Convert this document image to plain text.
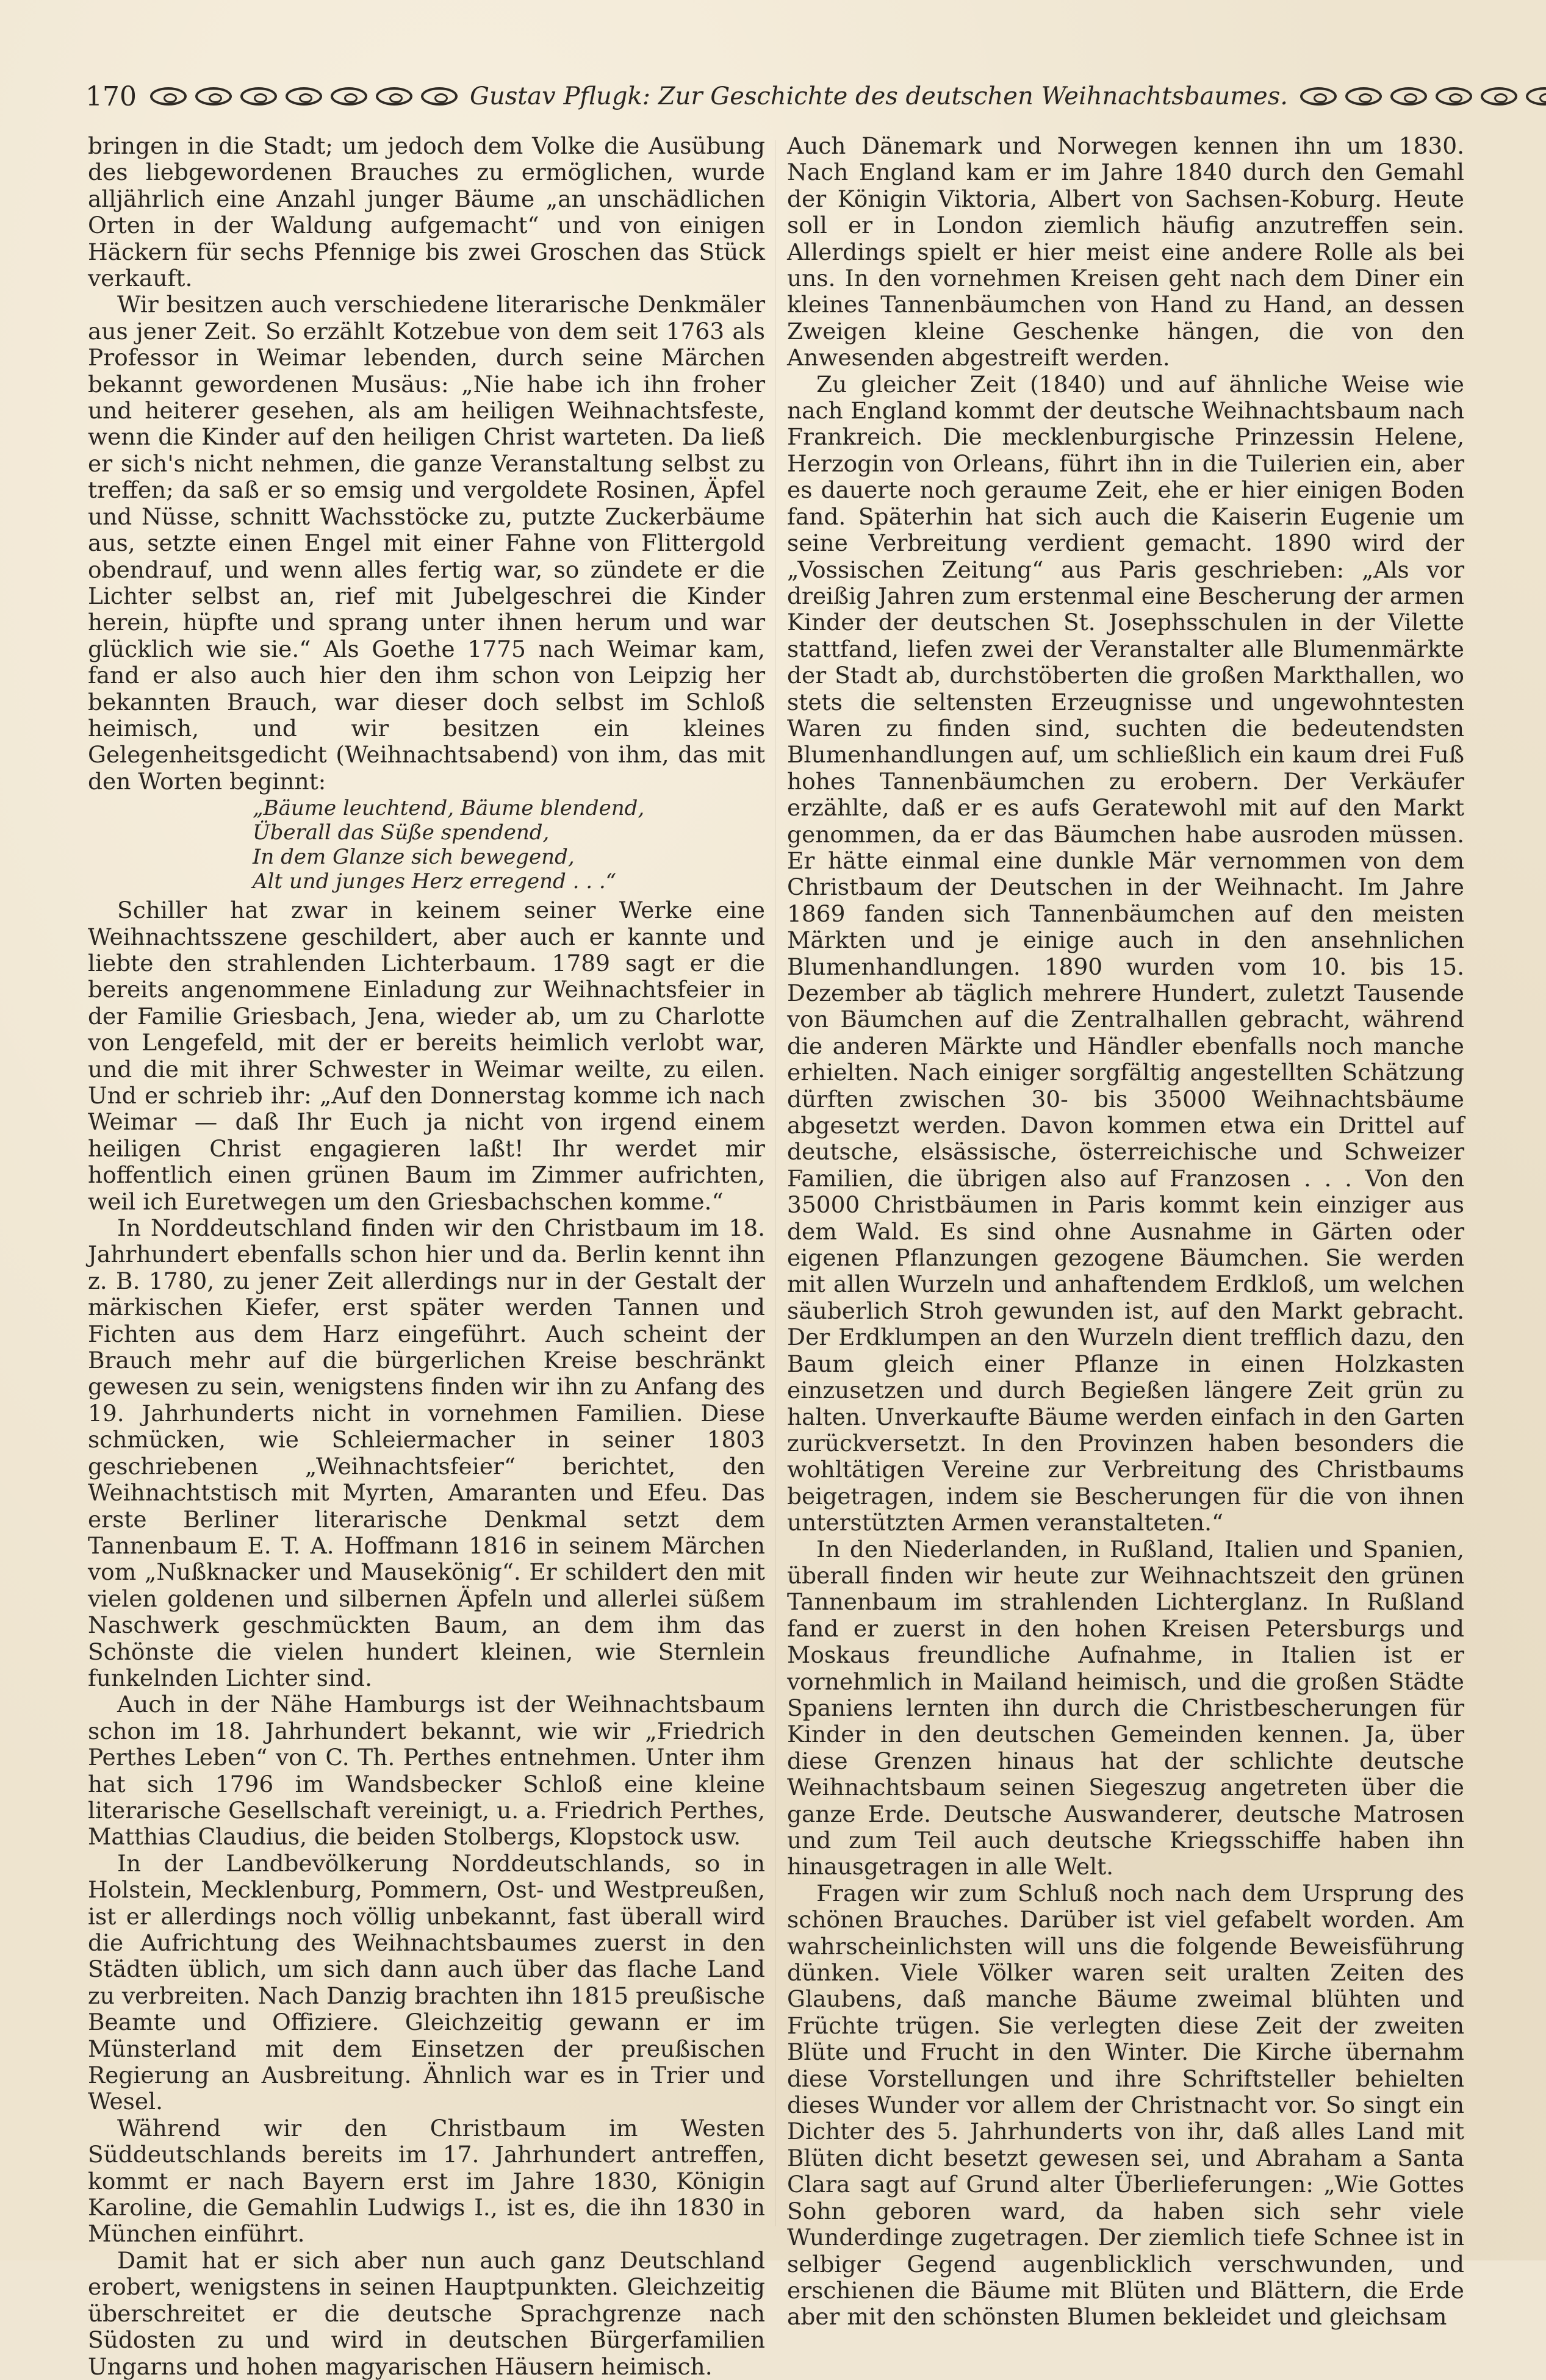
170	Gustav Pflugk: Zur Geschichte des deutschen Weihnachtsbaumes.

bringen in die Stadt; um jedoch dem Volke die Ausübung des liebgewordenen Brauches zu ermöglichen, wurde alljährlich eine Anzahl junger Bäume „an unschädlichen Orten in der Waldung aufgemacht“ und von einigen Häckern für sechs Pfennige bis zwei Groschen das Stück verkauft.

Wir besitzen auch verschiedene literarische Denkmäler aus jener Zeit. So erzählt Kotzebue von dem seit 1763 als Professor in Weimar lebenden, durch seine Märchen bekannt gewordenen Musäus: „Nie habe ich ihn froher und heiterer gesehen, als am heiligen Weihnachtsfeste, wenn die Kinder auf den heiligen Christ warteten. Da ließ er sich's nicht nehmen, die ganze Veranstaltung selbst zu treffen; da saß er so emsig und vergoldete Rosinen, Äpfel und Nüsse, schnitt Wachsstöcke zu, putzte Zuckerbäume aus, setzte einen Engel mit einer Fahne von Flittergold obendrauf, und wenn alles fertig war, so zündete er die Lichter selbst an, rief mit Jubelgeschrei die Kinder herein, hüpfte und sprang unter ihnen herum und war glücklich wie sie.“ Als Goethe 1775 nach Weimar kam, fand er also auch hier den ihm schon von Leipzig her bekannten Brauch, war dieser doch selbst im Schloß heimisch, und wir besitzen ein kleines Gelegenheitsgedicht (Weihnachtsabend) von ihm, das mit den Worten beginnt:

„Bäume leuchtend, Bäume blendend,
Überall das Süße spendend,
In dem Glanze sich bewegend,
Alt und junges Herz erregend . . .“

Schiller hat zwar in keinem seiner Werke eine Weihnachtsszene geschildert, aber auch er kannte und liebte den strahlenden Lichterbaum. 1789 sagt er die bereits angenommene Einladung zur Weihnachtsfeier in der Familie Griesbach, Jena, wieder ab, um zu Charlotte von Lengefeld, mit der er bereits heimlich verlobt war, und die mit ihrer Schwester in Weimar weilte, zu eilen. Und er schrieb ihr: „Auf den Donnerstag komme ich nach Weimar — daß Ihr Euch ja nicht von irgend einem heiligen Christ engagieren laßt! Ihr werdet mir hoffentlich einen grünen Baum im Zimmer aufrichten, weil ich Euretwegen um den Griesbachschen komme.“

In Norddeutschland finden wir den Christbaum im 18. Jahrhundert ebenfalls schon hier und da. Berlin kennt ihn z. B. 1780, zu jener Zeit allerdings nur in der Gestalt der märkischen Kiefer, erst später werden Tannen und Fichten aus dem Harz eingeführt. Auch scheint der Brauch mehr auf die bürgerlichen Kreise beschränkt gewesen zu sein, wenigstens finden wir ihn zu Anfang des 19. Jahrhunderts nicht in vornehmen Familien. Diese schmücken, wie Schleiermacher in seiner 1803 geschriebenen „Weihnachtsfeier“ berichtet, den Weihnachtstisch mit Myrten, Amaranten und Efeu. Das erste Berliner literarische Denkmal setzt dem Tannenbaum E. T. A. Hoffmann 1816 in seinem Märchen vom „Nußknacker und Mausekönig“. Er schildert den mit vielen goldenen und silbernen Äpfeln und allerlei süßem Naschwerk geschmückten Baum, an dem ihm das Schönste die vielen hundert kleinen, wie Sternlein funkelnden Lichter sind.

Auch in der Nähe Hamburgs ist der Weihnachtsbaum schon im 18. Jahrhundert bekannt, wie wir „Friedrich Perthes Leben“ von C. Th. Perthes entnehmen. Unter ihm hat sich 1796 im Wandsbecker Schloß eine kleine literarische Gesellschaft vereinigt, u. a. Friedrich Perthes, Matthias Claudius, die beiden Stolbergs, Klopstock usw.

In der Landbevölkerung Norddeutschlands, so in Holstein, Mecklenburg, Pommern, Ost- und Westpreußen, ist er allerdings noch völlig unbekannt, fast überall wird die Aufrichtung des Weihnachtsbaumes zuerst in den Städten üblich, um sich dann auch über das flache Land zu verbreiten. Nach Danzig brachten ihn 1815 preußische Beamte und Offiziere. Gleichzeitig gewann er im Münsterland mit dem Einsetzen der preußischen Regierung an Ausbreitung. Ähnlich war es in Trier und Wesel.

Während wir den Christbaum im Westen Süddeutschlands bereits im 17. Jahrhundert antreffen, kommt er nach Bayern erst im Jahre 1830, Königin Karoline, die Gemahlin Ludwigs I., ist es, die ihn 1830 in München einführt.

Damit hat er sich aber nun auch ganz Deutschland erobert, wenigstens in seinen Hauptpunkten. Gleichzeitig überschreitet er die deutsche Sprachgrenze nach Südosten zu und wird in deutschen Bürgerfamilien Ungarns und hohen magyarischen Häusern heimisch.

Auch Dänemark und Norwegen kennen ihn um 1830. Nach England kam er im Jahre 1840 durch den Gemahl der Königin Viktoria, Albert von Sachsen-Koburg. Heute soll er in London ziemlich häufig anzutreffen sein. Allerdings spielt er hier meist eine andere Rolle als bei uns. In den vornehmen Kreisen geht nach dem Diner ein kleines Tannenbäumchen von Hand zu Hand, an dessen Zweigen kleine Geschenke hängen, die von den Anwesenden abgestreift werden.

Zu gleicher Zeit (1840) und auf ähnliche Weise wie nach England kommt der deutsche Weihnachtsbaum nach Frankreich. Die mecklenburgische Prinzessin Helene, Herzogin von Orleans, führt ihn in die Tuilerien ein, aber es dauerte noch geraume Zeit, ehe er hier einigen Boden fand. Späterhin hat sich auch die Kaiserin Eugenie um seine Verbreitung verdient gemacht. 1890 wird der „Vossischen Zeitung“ aus Paris geschrieben: „Als vor dreißig Jahren zum erstenmal eine Bescherung der armen Kinder der deutschen St. Josephsschulen in der Vilette stattfand, liefen zwei der Veranstalter alle Blumenmärkte der Stadt ab, durchstöberten die großen Markthallen, wo stets die seltensten Erzeugnisse und ungewohntesten Waren zu finden sind, suchten die bedeutendsten Blumenhandlungen auf, um schließlich ein kaum drei Fuß hohes Tannenbäumchen zu erobern. Der Verkäufer erzählte, daß er es aufs Geratewohl mit auf den Markt genommen, da er das Bäumchen habe ausroden müssen. Er hätte einmal eine dunkle Mär vernommen von dem Christbaum der Deutschen in der Weihnacht. Im Jahre 1869 fanden sich Tannenbäumchen auf den meisten Märkten und je einige auch in den ansehnlichen Blumenhandlungen. 1890 wurden vom 10. bis 15. Dezember ab täglich mehrere Hundert, zuletzt Tausende von Bäumchen auf die Zentralhallen gebracht, während die anderen Märkte und Händler ebenfalls noch manche erhielten. Nach einiger sorgfältig angestellten Schätzung dürften zwischen 30- bis 35000 Weihnachtsbäume abgesetzt werden. Davon kommen etwa ein Drittel auf deutsche, elsässische, österreichische und Schweizer Familien, die übrigen also auf Franzosen . . . Von den 35000 Christbäumen in Paris kommt kein einziger aus dem Wald. Es sind ohne Ausnahme in Gärten oder eigenen Pflanzungen gezogene Bäumchen. Sie werden mit allen Wurzeln und anhaftendem Erdkloß, um welchen säuberlich Stroh gewunden ist, auf den Markt gebracht. Der Erdklumpen an den Wurzeln dient trefflich dazu, den Baum gleich einer Pflanze in einen Holzkasten einzusetzen und durch Begießen längere Zeit grün zu halten. Unverkaufte Bäume werden einfach in den Garten zurückversetzt. In den Provinzen haben besonders die wohltätigen Vereine zur Verbreitung des Christbaums beigetragen, indem sie Bescherungen für die von ihnen unterstützten Armen veranstalteten.“

In den Niederlanden, in Rußland, Italien und Spanien, überall finden wir heute zur Weihnachtszeit den grünen Tannenbaum im strahlenden Lichterglanz. In Rußland fand er zuerst in den hohen Kreisen Petersburgs und Moskaus freundliche Aufnahme, in Italien ist er vornehmlich in Mailand heimisch, und die großen Städte Spaniens lernten ihn durch die Christbescherungen für Kinder in den deutschen Gemeinden kennen. Ja, über diese Grenzen hinaus hat der schlichte deutsche Weihnachtsbaum seinen Siegeszug angetreten über die ganze Erde. Deutsche Auswanderer, deutsche Matrosen und zum Teil auch deutsche Kriegsschiffe haben ihn hinausgetragen in alle Welt.

Fragen wir zum Schluß noch nach dem Ursprung des schönen Brauches. Darüber ist viel gefabelt worden. Am wahrscheinlichsten will uns die folgende Beweisführung dünken. Viele Völker waren seit uralten Zeiten des Glaubens, daß manche Bäume zweimal blühten und Früchte trügen. Sie verlegten diese Zeit der zweiten Blüte und Frucht in den Winter. Die Kirche übernahm diese Vorstellungen und ihre Schriftsteller behielten dieses Wunder vor allem der Christnacht vor. So singt ein Dichter des 5. Jahrhunderts von ihr, daß alles Land mit Blüten dicht besetzt gewesen sei, und Abraham a Santa Clara sagt auf Grund alter Überlieferungen: „Wie Gottes Sohn geboren ward, da haben sich sehr viele Wunderdinge zugetragen. Der ziemlich tiefe Schnee ist in selbiger Gegend augenblicklich verschwunden, und erschienen die Bäume mit Blüten und Blättern, die Erde aber mit den schönsten Blumen bekleidet und gleichsam
